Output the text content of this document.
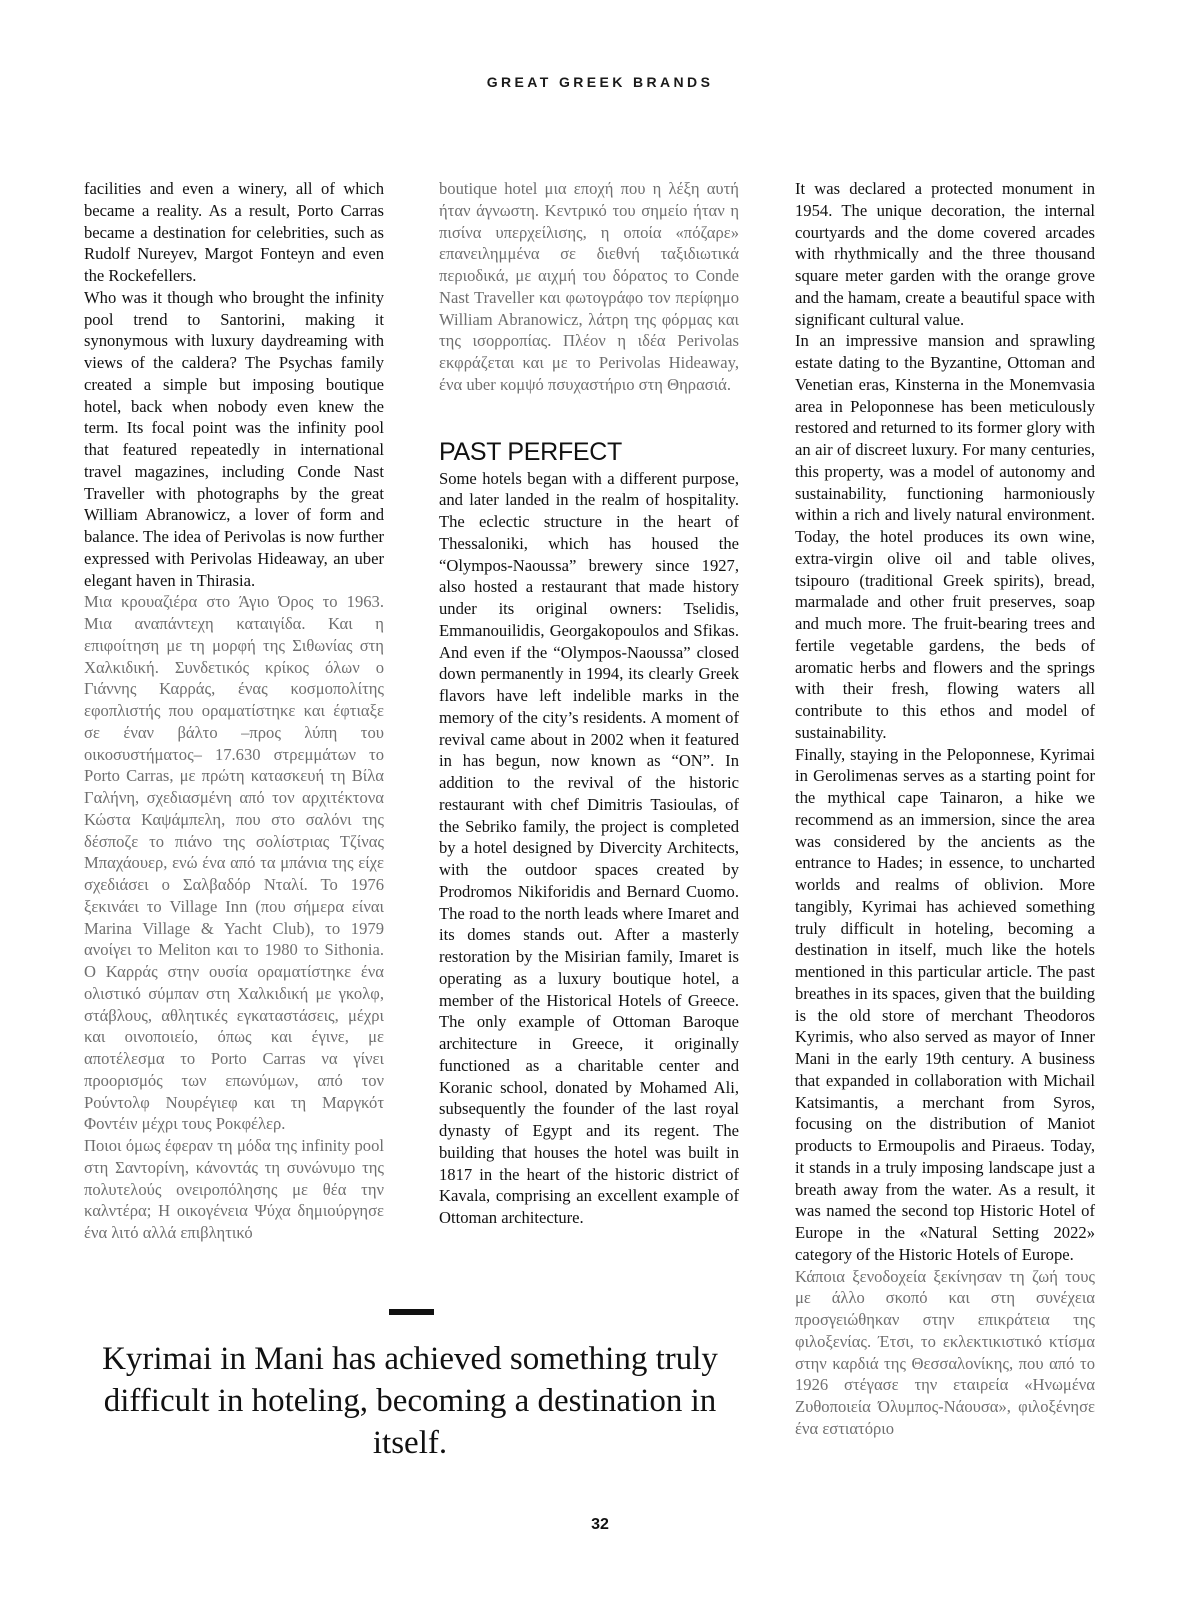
GREAT GREEK BRANDS

facilities and even a winery, all of which became a reality. As a result, Porto Carras became a destination for celebrities, such as Rudolf Nureyev, Margot Fonteyn and even the Rockefellers.

Who was it though who brought the infinity pool trend to Santorini, making it synonymous with luxury daydreaming with views of the caldera? The Psychas family created a simple but imposing boutique hotel, back when nobody even knew the term. Its focal point was the infinity pool that featured repeatedly in international travel magazines, including Conde Nast Traveller with photographs by the great William Abranowicz, a lover of form and balance. The idea of Perivolas is now further expressed with Perivolas Hideaway, an uber elegant haven in Thirasia.

Μια κρουαζιέρα στο Άγιο Όρος το 1963. Μια αναπάντεχη καταιγίδα. Και η επιφοίτηση με τη μορφή της Σιθωνίας στη Χαλκιδική. Συνδετικός κρίκος όλων ο Γιάννης Καρράς, ένας κοσμοπολίτης εφοπλιστής που οραματίστηκε και έφτιαξε σε έναν βάλτο –προς λύπη του οικοσυστήματος– 17.630 στρεμμάτων το Porto Carras, με πρώτη κατασκευή τη Βίλα Γαλήνη, σχεδιασμένη από τον αρχιτέκτονα Κώστα Καψάμπελη, που στο σαλόνι της δέσποζε το πιάνο της σολίστριας Τζίνας Μπαχάουερ, ενώ ένα από τα μπάνια της είχε σχεδιάσει ο Σαλβαδόρ Νταλί. Το 1976 ξεκινάει το Village Inn (που σήμερα είναι Marina Village & Yacht Club), το 1979 ανοίγει το Meliton και το 1980 το Sithonia. Ο Καρράς στην ουσία οραματίστηκε ένα ολιστικό σύμπαν στη Χαλκιδική με γκολφ, στάβλους, αθλητικές εγκαταστάσεις, μέχρι και οινοποιείο, όπως και έγινε, με αποτέλεσμα το Porto Carras να γίνει προορισμός των επωνύμων, από τον Ρούντολφ Νουρέγιεφ και τη Μαργκότ Φοντέιν μέχρι τους Ροκφέλερ.

Ποιοι όμως έφεραν τη μόδα της infinity pool στη Σαντορίνη, κάνοντάς τη συνώνυμο της πολυτελούς ονειροπόλησης με θέα την καλντέρα; Η οικογένεια Ψύχα δημιούργησε ένα λιτό αλλά επιβλητικό

boutique hotel μια εποχή που η λέξη αυτή ήταν άγνωστη. Κεντρικό του σημείο ήταν η πισίνα υπερχείλισης, η οποία «πόζαρε» επανειλημμένα σε διεθνή ταξιδιωτικά περιοδικά, με αιχμή του δόρατος το Conde Nast Traveller και φωτογράφο τον περίφημο William Abranowicz, λάτρη της φόρμας και της ισορροπίας. Πλέον η ιδέα Perivolas εκφράζεται και με το Perivolas Hideaway, ένα uber κομψό πσυχαστήριο στη Θηρασιά.

PAST PERFECT

Some hotels began with a different purpose, and later landed in the realm of hospitality. The eclectic structure in the heart of Thessaloniki, which has housed the “Olympos-Naoussa” brewery since 1927, also hosted a restaurant that made history under its original owners: Tselidis, Emmanouilidis, Georgakopoulos and Sfikas. And even if the “Olympos-Naoussa” closed down permanently in 1994, its clearly Greek flavors have left indelible marks in the memory of the city’s residents. A moment of revival came about in 2002 when it featured in has begun, now known as “ON”. In addition to the revival of the historic restaurant with chef Dimitris Tasioulas, of the Sebriko family, the project is completed by a hotel designed by Divercity Architects, with the outdoor spaces created by Prodromos Nikiforidis and Bernard Cuomo. The road to the north leads where Imaret and its domes stands out. After a masterly restoration by the Misirian family, Imaret is operating as a luxury boutique hotel, a member of the Historical Hotels of Greece. The only example of Ottoman Baroque architecture in Greece, it originally functioned as a charitable center and Koranic school, donated by Mohamed Ali, subsequently the founder of the last royal dynasty of Egypt and its regent. The building that houses the hotel was built in 1817 in the heart of the historic district of Kavala, comprising an excellent example of Ottoman architecture.

It was declared a protected monument in 1954. The unique decoration, the internal courtyards and the dome covered arcades with rhythmically and the three thousand square meter garden with the orange grove and the hamam, create a beautiful space with significant cultural value.

In an impressive mansion and sprawling estate dating to the Byzantine, Ottoman and Venetian eras, Kinsterna in the Monemvasia area in Peloponnese has been meticulously restored and returned to its former glory with an air of discreet luxury. For many centuries, this property, was a model of autonomy and sustainability, functioning harmoniously within a rich and lively natural environment. Today, the hotel produces its own wine, extra-virgin olive oil and table olives, tsipouro (traditional Greek spirits), bread, marmalade and other fruit preserves, soap and much more. The fruit-bearing trees and fertile vegetable gardens, the beds of aromatic herbs and flowers and the springs with their fresh, flowing waters all contribute to this ethos and model of sustainability.

Finally, staying in the Peloponnese, Kyrimai in Gerolimenas serves as a starting point for the mythical cape Tainaron, a hike we recommend as an immersion, since the area was considered by the ancients as the entrance to Hades; in essence, to uncharted worlds and realms of oblivion. More tangibly, Kyrimai has achieved something truly difficult in hoteling, becoming a destination in itself, much like the hotels mentioned in this particular article. The past breathes in its spaces, given that the building is the old store of merchant Theodoros Kyrimis, who also served as mayor of Inner Mani in the early 19th century. A business that expanded in collaboration with Michail Katsimantis, a merchant from Syros, focusing on the distribution of Maniot products to Ermoupolis and Piraeus. Today, it stands in a truly imposing landscape just a breath away from the water. As a result, it was named the second top Historic Hotel of Europe in the «Natural Setting 2022» category of the Historic Hotels of Europe.

Κάποια ξενοδοχεία ξεκίνησαν τη ζωή τους με άλλο σκοπό και στη συνέχεια προσγειώθηκαν στην επικράτεια της φιλοξενίας. Έτσι, το εκλεκτικιστικό κτίσμα στην καρδιά της Θεσσαλονίκης, που από το 1926 στέγασε την εταιρεία «Ηνωμένα Ζυθοποιεία Όλυμπος-Νάουσα», φιλοξένησε ένα εστιατόριο

Kyrimai in Mani has achieved something truly difficult in hoteling, becoming a destination in itself.

32
